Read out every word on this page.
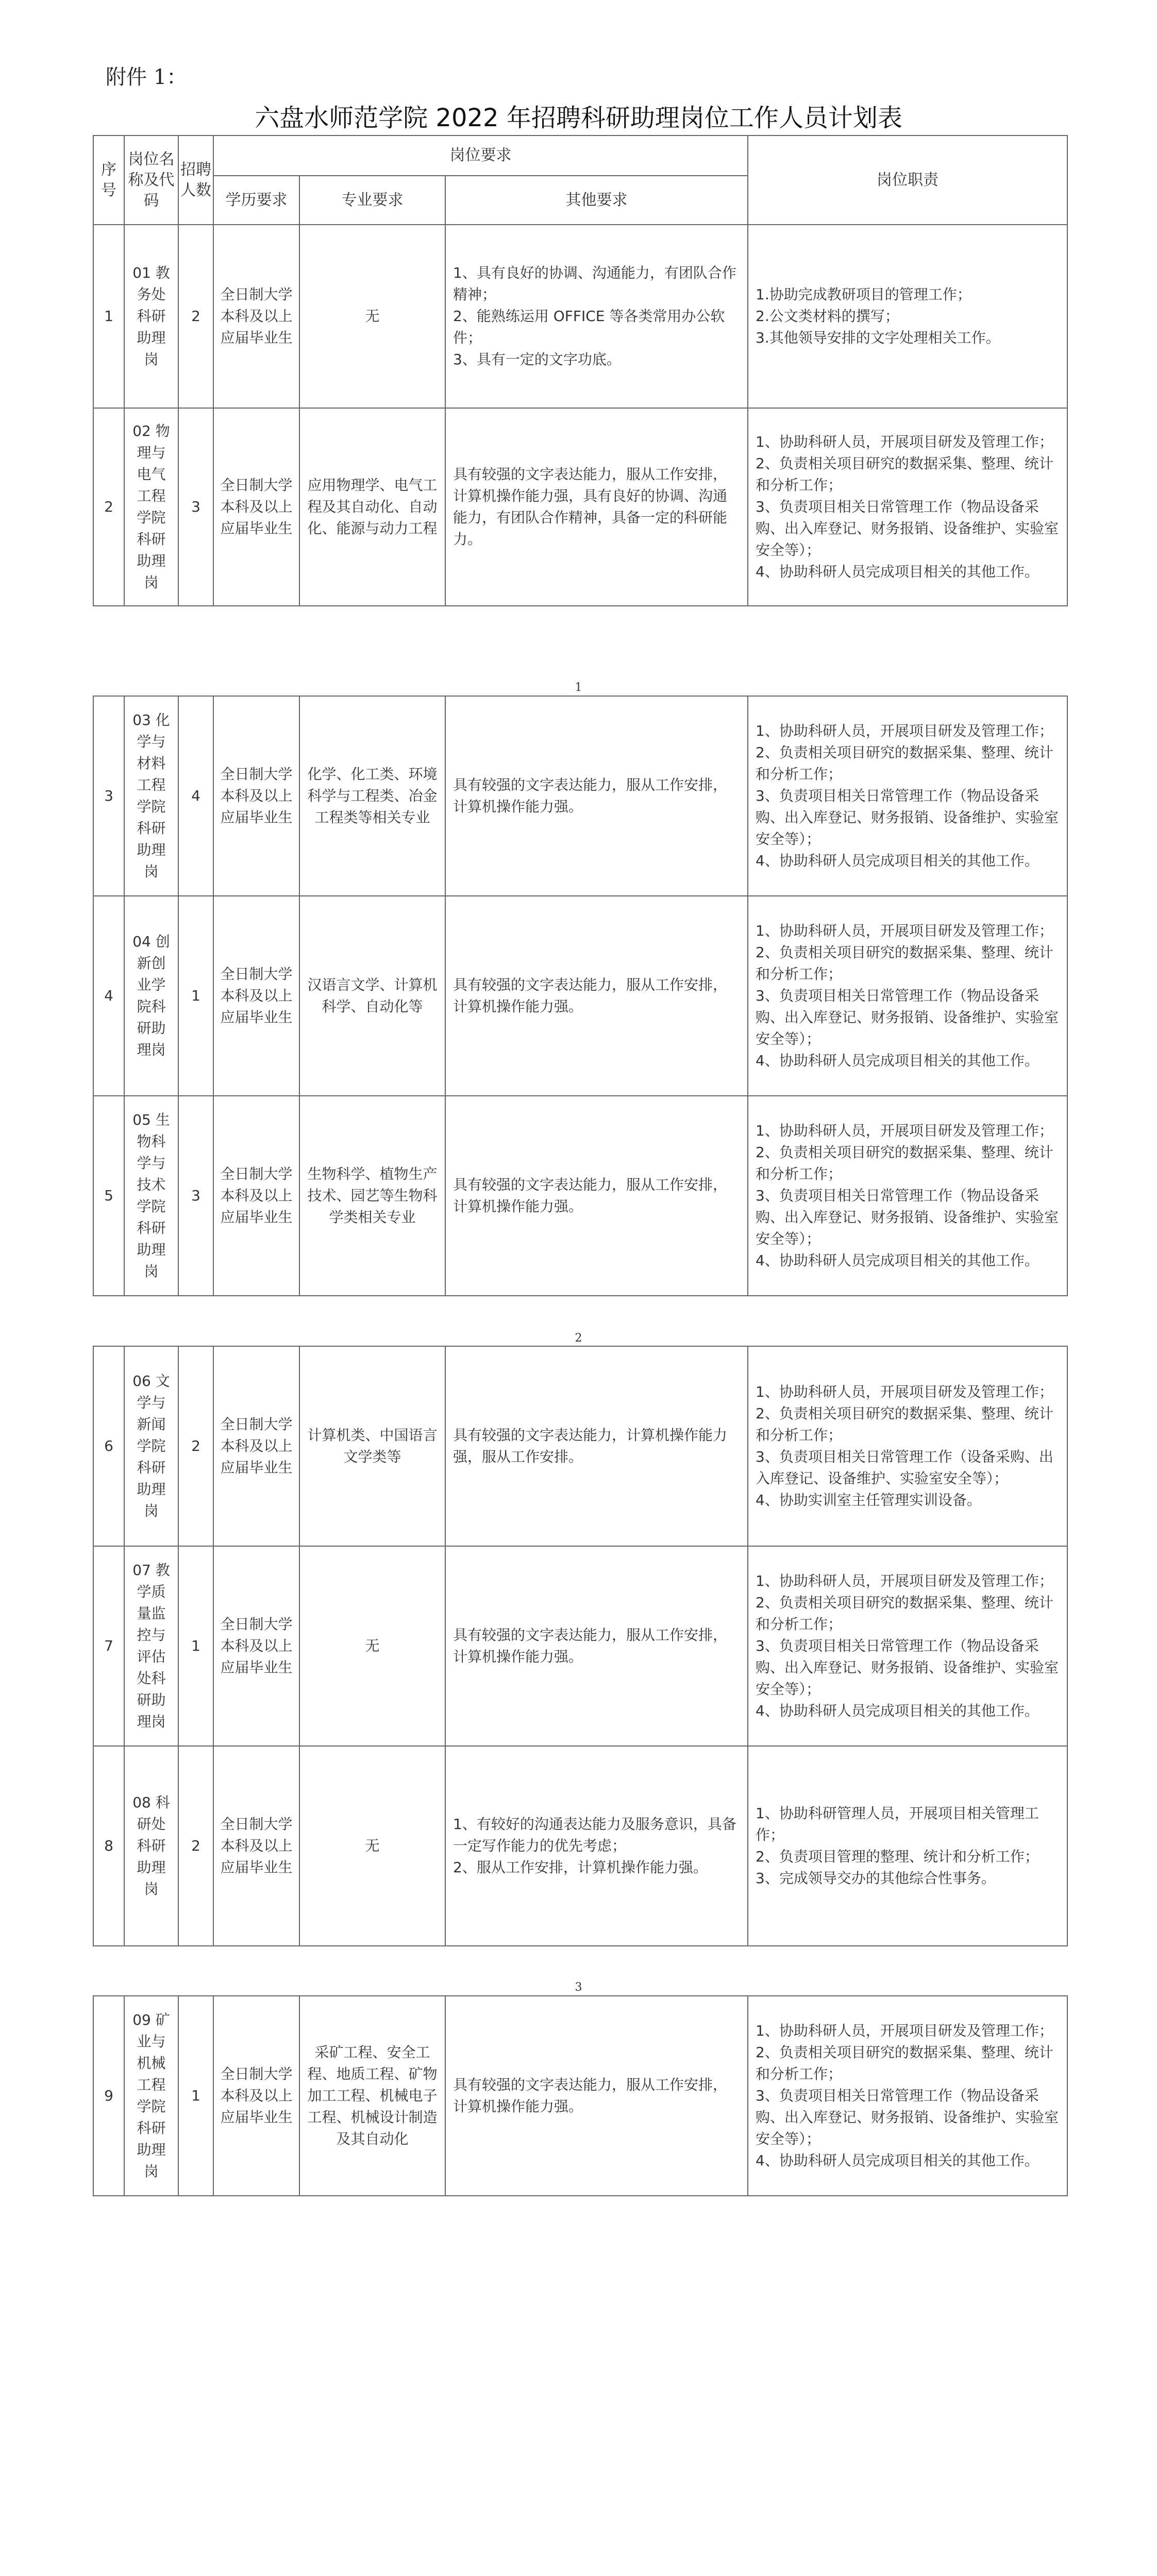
附件 1：
六盘水师范学院 2022 年招聘科研助理岗位工作人员计划表
序号	岗位名称及代码	招聘人数	岗位要求			岗位职责
			学历要求	专业要求	其他要求	
1	01 教务处科研助理岗	2	全日制大学本科及以上应届毕业生	无	1、具有良好的协调、沟通能力，有团队合作精神；
2、能熟练运用 OFFICE 等各类常用办公软件；
3、具有一定的文字功底。	1.协助完成教研项目的管理工作；
2.公文类材料的撰写；
3.其他领导安排的文字处理相关工作。
2	02 物理与电气工程学院科研助理岗	3	全日制大学本科及以上应届毕业生	应用物理学、电气工程及其自动化、自动化、能源与动力工程	具有较强的文字表达能力，服从工作安排，计算机操作能力强，具有良好的协调、沟通能力，有团队合作精神，具备一定的科研能力。	1、协助科研人员，开展项目研发及管理工作；
2、负责相关项目研究的数据采集、整理、统计和分析工作；
3、负责项目相关日常管理工作（物品设备采购、出入库登记、财务报销、设备维护、实验室安全等）；
4、协助科研人员完成项目相关的其他工作。
1
3	03 化学与材料工程学院科研助理岗	4	全日制大学本科及以上应届毕业生	化学、化工类、环境科学与工程类、冶金工程类等相关专业	具有较强的文字表达能力，服从工作安排，计算机操作能力强。	1、协助科研人员，开展项目研发及管理工作；
2、负责相关项目研究的数据采集、整理、统计和分析工作；
3、负责项目相关日常管理工作（物品设备采购、出入库登记、财务报销、设备维护、实验室安全等）；
4、协助科研人员完成项目相关的其他工作。
4	04 创新创业学院科研助理岗	1	全日制大学本科及以上应届毕业生	汉语言文学、计算机科学、自动化等	具有较强的文字表达能力，服从工作安排，计算机操作能力强。	1、协助科研人员，开展项目研发及管理工作；
2、负责相关项目研究的数据采集、整理、统计和分析工作；
3、负责项目相关日常管理工作（物品设备采购、出入库登记、财务报销、设备维护、实验室安全等）；
4、协助科研人员完成项目相关的其他工作。
5	05 生物科学与技术学院科研助理岗	3	全日制大学本科及以上应届毕业生	生物科学、植物生产技术、园艺等生物科学类相关专业	具有较强的文字表达能力，服从工作安排，计算机操作能力强。	1、协助科研人员，开展项目研发及管理工作；
2、负责相关项目研究的数据采集、整理、统计和分析工作；
3、负责项目相关日常管理工作（物品设备采购、出入库登记、财务报销、设备维护、实验室安全等）；
4、协助科研人员完成项目相关的其他工作。
2
6	06 文学与新闻学院科研助理岗	2	全日制大学本科及以上应届毕业生	计算机类、中国语言文学类等	具有较强的文字表达能力，计算机操作能力强，服从工作安排。	1、协助科研人员，开展项目研发及管理工作；
2、负责相关项目研究的数据采集、整理、统计和分析工作；
3、负责项目相关日常管理工作（设备采购、出入库登记、设备维护、实验室安全等）；
4、协助实训室主任管理实训设备。
7	07 教学质量监控与评估处科研助理岗	1	全日制大学本科及以上应届毕业生	无	具有较强的文字表达能力，服从工作安排，计算机操作能力强。	1、协助科研人员，开展项目研发及管理工作；
2、负责相关项目研究的数据采集、整理、统计和分析工作；
3、负责项目相关日常管理工作（物品设备采购、出入库登记、财务报销、设备维护、实验室安全等）；
4、协助科研人员完成项目相关的其他工作。
8	08 科研处科研助理岗	2	全日制大学本科及以上应届毕业生	无	1、有较好的沟通表达能力及服务意识，具备一定写作能力的优先考虑；
2、服从工作安排，计算机操作能力强。	1、协助科研管理人员，开展项目相关管理工作；
2、负责项目管理的整理、统计和分析工作；
3、完成领导交办的其他综合性事务。
3
9	09 矿业与机械工程学院科研助理岗	1	全日制大学本科及以上应届毕业生	采矿工程、安全工程、地质工程、矿物加工工程、机械电子工程、机械设计制造及其自动化	具有较强的文字表达能力，服从工作安排，计算机操作能力强。	1、协助科研人员，开展项目研发及管理工作；
2、负责相关项目研究的数据采集、整理、统计和分析工作；
3、负责项目相关日常管理工作（物品设备采购、出入库登记、财务报销、设备维护、实验室安全等）；
4、协助科研人员完成项目相关的其他工作。
